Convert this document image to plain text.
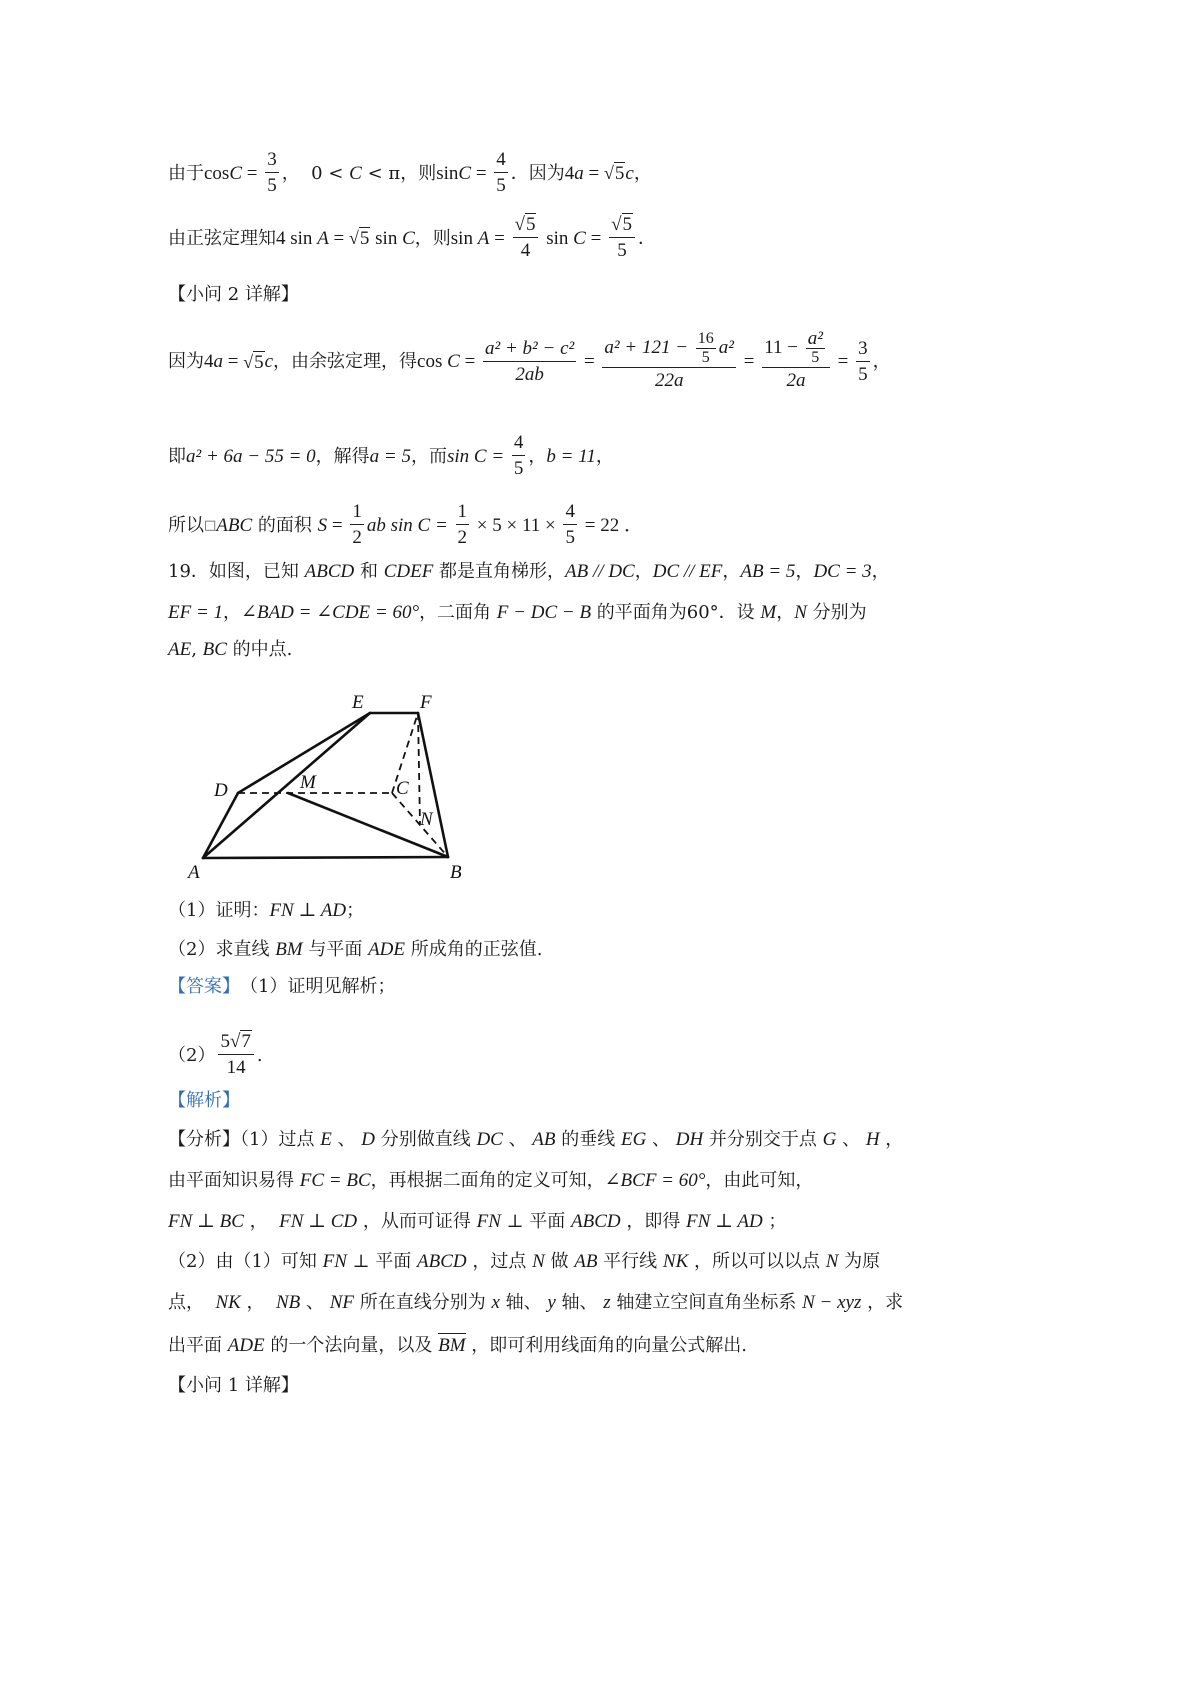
由于 $\cos C = \frac{3}{5}$ ，  0 < C < π，则 $\sin C = \frac{4}{5}$ ．因为 4 a = √5 c ，
由正弦定理知 4 sin A = √5 sin C ，则 $\sin A = \frac{√5}{4}$ $\sin C = \frac{√5}{5}$ ．
【小问 2 详解】
因为 4 a = √5 c ，由余弦定理，得 $\cos C = \frac{\text{a² + b² − c²}}{2ab} = \frac{a^2 + 121 - \frac{16}{5} a^2}{22a} = \frac{11 - \frac{\text{a²}}{5}}{2a} = \frac{3}{5}$ ，
即 a² + 6a − 55 = 0 ，解得 a = 5 ，而 $\sin C = \frac{4}{5}$ ， b = 11 ，
所以 □ ABC 的面积 $S = \frac{1}{2}$ ab $\sin C = \frac{1}{2} \times 5 \times 11 \times \frac{4}{5} = 22$ ．
19．如图，已知 ABCD 和 CDEF 都是直角梯形， AB // DC ， DC // EF ， AB = 5 ， DC = 3 ，
EF = 1 ， ∠BAD = ∠CDE = 60° ，二面角 F − DC − B 的平面角为60°．设 M ， N 分别为
AE , BC 的中点.
E	F
D	M	C
N
A	B
（1）证明： FN ⊥ AD ；
（2）求直线 BM 与平面 ADE 所成角的正弦值.
【答案】 （1）证明见解析；
$(2) \frac{5√7}{14}$ .
【解析】
【分析】（1）过点 E 、 D 分别做直线 DC 、 AB 的垂线 EG 、 DH 并分别交于点 G 、 H ，
由平面知识易得 FC = BC ，再根据二面角的定义可知， ∠BCF = 60° ，由此可知，
FN ⊥ BC ， FN ⊥ CD ，从而可证得 FN ⊥ 平面 ABCD ，即得 FN ⊥ AD ；
（2）由（1）可知 FN ⊥ 平面 ABCD ，过点 N 做 AB 平行线 NK ，所以可以以点 N 为原
点， NK ， NB 、 NF 所在直线分别为 x 轴、 y 轴、 z 轴建立空间直角坐标系 N − xyz ，求
出平面 ADE 的一个法向量，以及 BM ，即可利用线面角的向量公式解出.
【小问 1 详解】
